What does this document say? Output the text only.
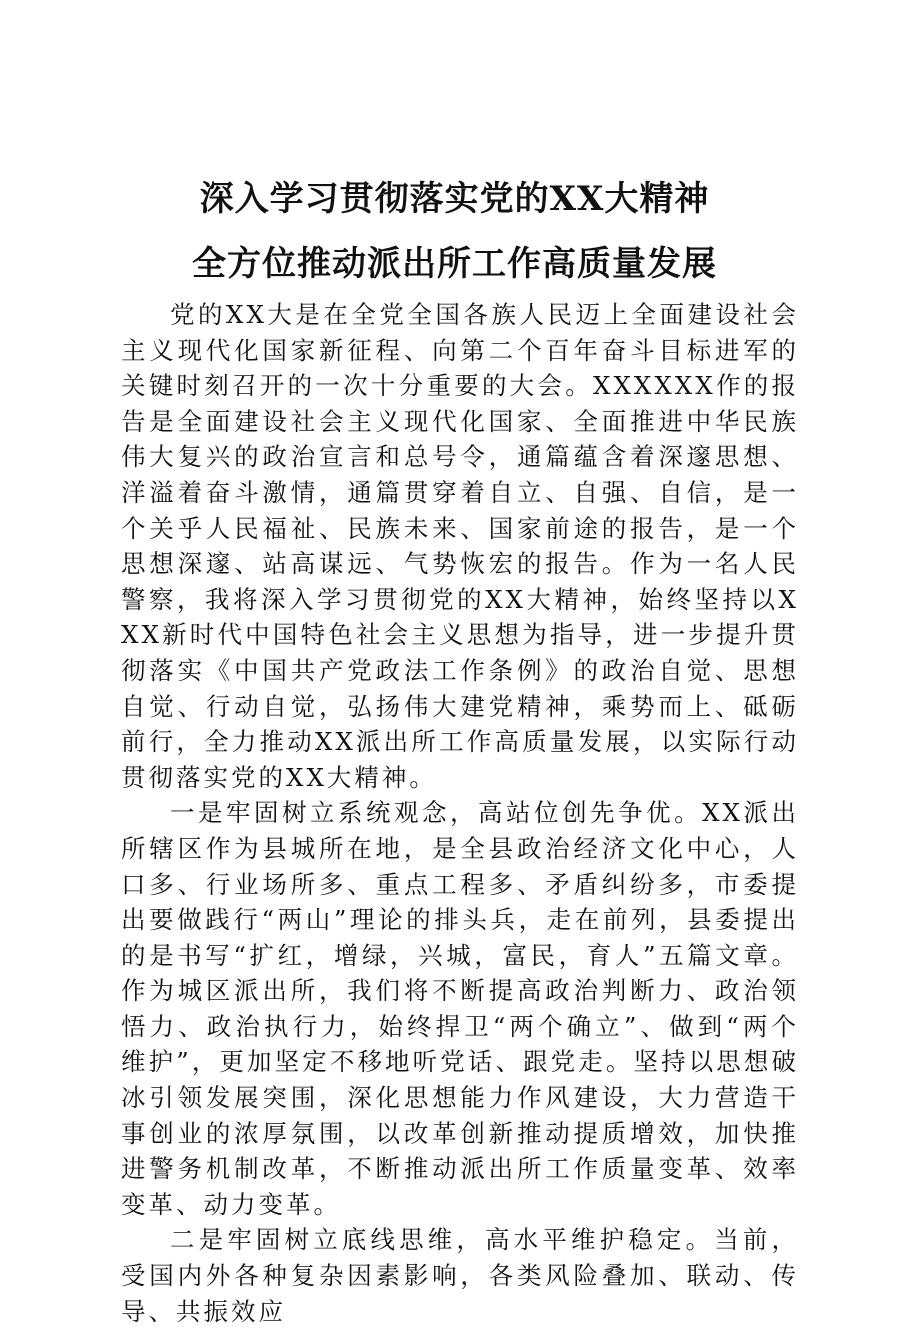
深入学习贯彻落实党的XX大精神
全方位推动派出所工作高质量发展

党的XX大是在全党全国各族人民迈上全面建设社会主义现代化国家新征程、向第二个百年奋斗目标进军的关键时刻召开的一次十分重要的大会。XXXXXX作的报告是全面建设社会主义现代化国家、全面推进中华民族伟大复兴的政治宣言和总号令，通篇蕴含着深邃思想、洋溢着奋斗激情，通篇贯穿着自立、自强、自信，是一个关乎人民福祉、民族未来、国家前途的报告，是一个思想深邃、站高谋远、气势恢宏的报告。作为一名人民警察，我将深入学习贯彻党的XX大精神，始终坚持以XXX新时代中国特色社会主义思想为指导，进一步提升贯彻落实《中国共产党政法工作条例》的政治自觉、思想自觉、行动自觉，弘扬伟大建党精神，乘势而上、砥砺前行，全力推动XX派出所工作高质量发展，以实际行动贯彻落实党的XX大精神。

一是牢固树立系统观念，高站位创先争优。XX派出所辖区作为县城所在地，是全县政治经济文化中心，人口多、行业场所多、重点工程多、矛盾纠纷多，市委提出要做践行“两山”理论的排头兵，走在前列，县委提出的是书写“扩红，增绿，兴城，富民，育人”五篇文章。作为城区派出所，我们将不断提高政治判断力、政治领悟力、政治执行力，始终捍卫“两个确立”、做到“两个维护”，更加坚定不移地听党话、跟党走。坚持以思想破冰引领发展突围，深化思想能力作风建设，大力营造干事创业的浓厚氛围，以改革创新推动提质增效，加快推进警务机制改革，不断推动派出所工作质量变革、效率变革、动力变革。

二是牢固树立底线思维，高水平维护稳定。当前，受国内外各种复杂因素影响，各类风险叠加、联动、传导、共振效应
